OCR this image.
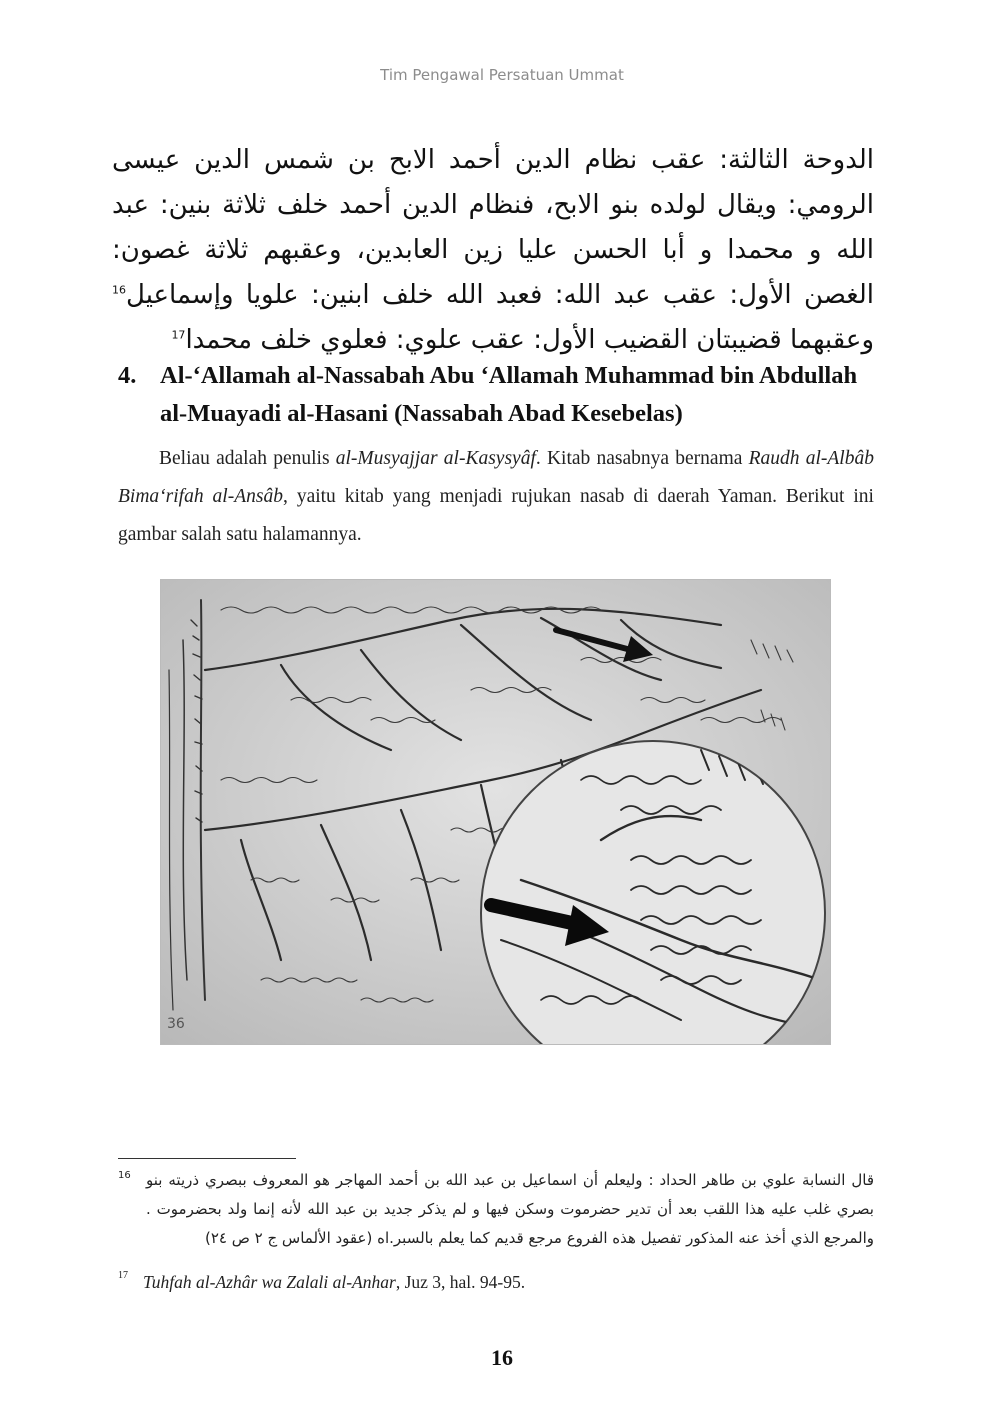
Tim Pengawal Persatuan Ummat

الدوحة الثالثة: عقب نظام الدين أحمد الابح بن شمس الدين عيسى الرومي: ويقال لولده بنو الابح، فنظام الدين أحمد خلف ثلاثة بنين: عبد الله و محمدا و أبا الحسن عليا زين العابدين، وعقبهم ثلاثة غصون: الغصن الأول: عقب عبد الله: فعبد الله خلف ابنين: علويا وإسماعيل$^{16}$ وعقبهما قضيبتان القضيب الأول: عقب علوي: فعلوي خلف محمدا$^{17}$

4. Al-‘Allamah al-Nassabah Abu ‘Allamah Muhammad bin Abdullah al-Muayadi al-Hasani (Nassabah Abad Kesebelas)

Beliau adalah penulis al-Musyajjar al-Kasysyâf. Kitab nasabnya bernama Raudh al-Albâb Bima‘rifah al-Ansâb, yaitu kitab yang menjadi rujukan nasab di daerah Yaman. Berikut ini gambar salah satu halamannya.

36
16 قال النسابة علوي بن طاهر الحداد : وليعلم أن اسماعيل بن عبد الله بن أحمد المهاجر هو المعروف ببصري ذريته بنو بصري غلب عليه هذا اللقب بعد أن تدير حضرموت وسكن فيها و لم يذكر جديد بن عبد الله لأنه إنما ولد بحضرموت . والمرجع الذي أخذ عنه المذكور تفصيل هذه الفروع مرجع قديم كما يعلم بالسبر.اه (عقود الألماس ج ٢ ص ٢٤)
17 Tuhfah al-Azhâr wa Zalali al-Anhar, Juz 3, hal. 94-95.
16
